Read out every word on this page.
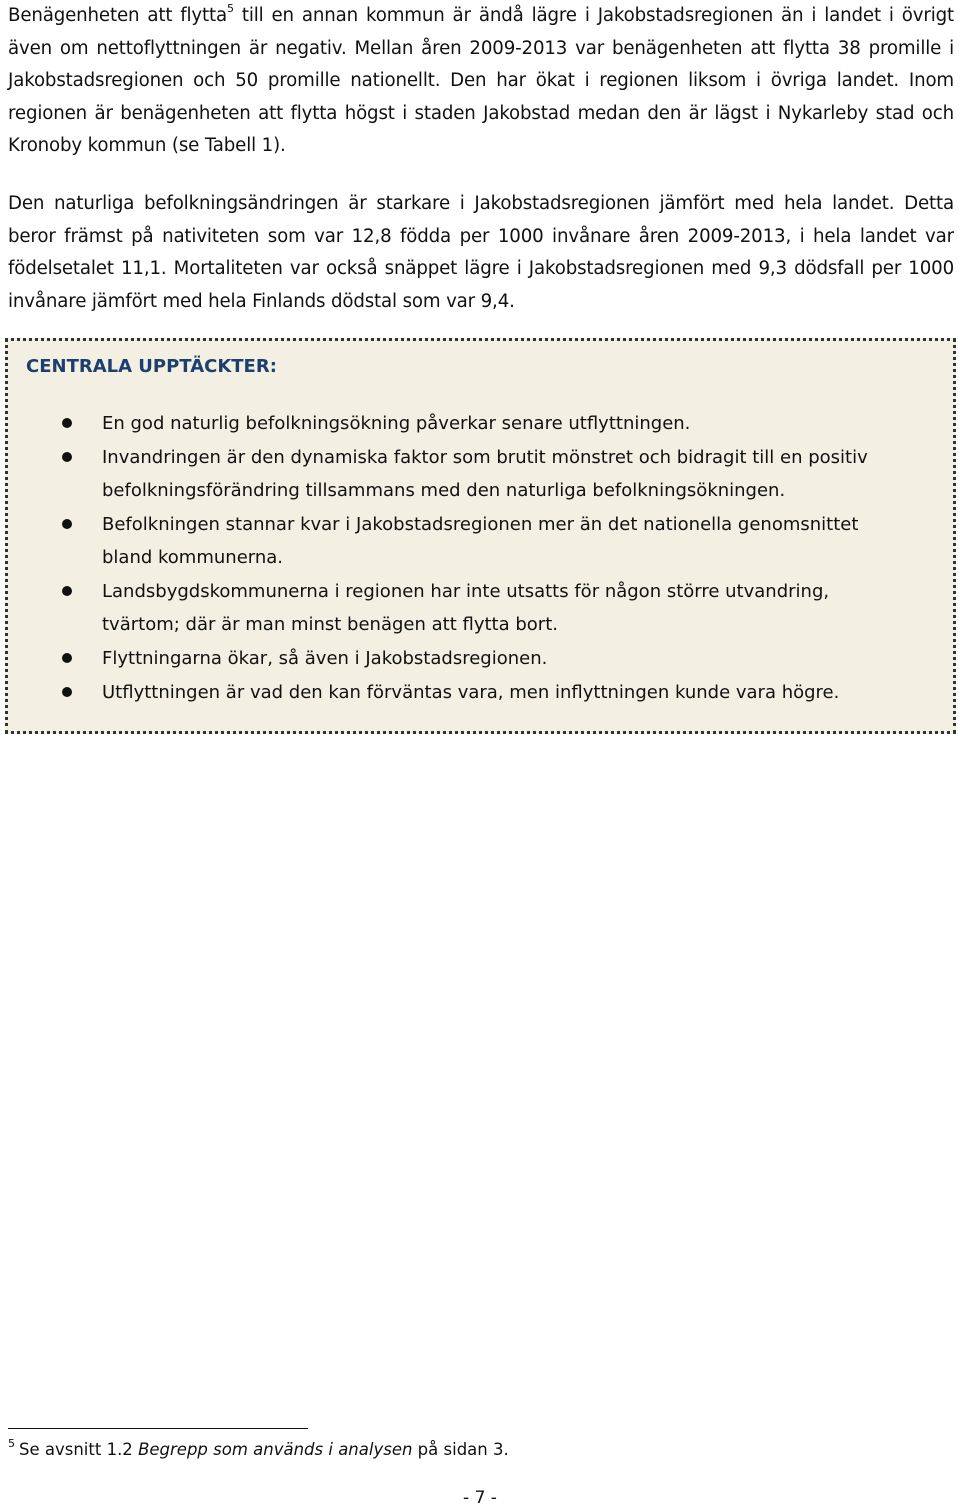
Benägenheten att flytta$^5$ till en annan kommun är ändå lägre i Jakobstadsregionen än i landet i övrigt även om nettoflyttningen är negativ. Mellan åren 2009-2013 var benägenheten att flytta 38 promille i Jakobstadsregionen och 50 promille nationellt. Den har ökat i regionen liksom i övriga landet. Inom regionen är benägenheten att flytta högst i staden Jakobstad medan den är lägst i Nykarleby stad och Kronoby kommun (se Tabell 1).
Den naturliga befolkningsändringen är starkare i Jakobstadsregionen jämfört med hela landet. Detta beror främst på nativiteten som var 12,8 födda per 1000 invånare åren 2009-2013, i hela landet var födelsetalet 11,1. Mortaliteten var också snäppet lägre i Jakobstadsregionen med 9,3 dödsfall per 1000 invånare jämfört med hela Finlands dödstal som var 9,4.
CENTRALA UPPTÄCKTER:
En god naturlig befolkningsökning påverkar senare utflyttningen.
Invandringen är den dynamiska faktor som brutit mönstret och bidragit till en positiv befolkningsförändring tillsammans med den naturliga befolkningsökningen.
Befolkningen stannar kvar i Jakobstadsregionen mer än det nationella genomsnittet bland kommunerna.
Landsbygdskommunerna i regionen har inte utsatts för någon större utvandring, tvärtom; där är man minst benägen att flytta bort.
Flyttningarna ökar, så även i Jakobstadsregionen.
Utflyttningen är vad den kan förväntas vara, men inflyttningen kunde vara högre.
$^5$ Se avsnitt 1.2 Begrepp som används i analysen på sidan 3.
- 7 -
